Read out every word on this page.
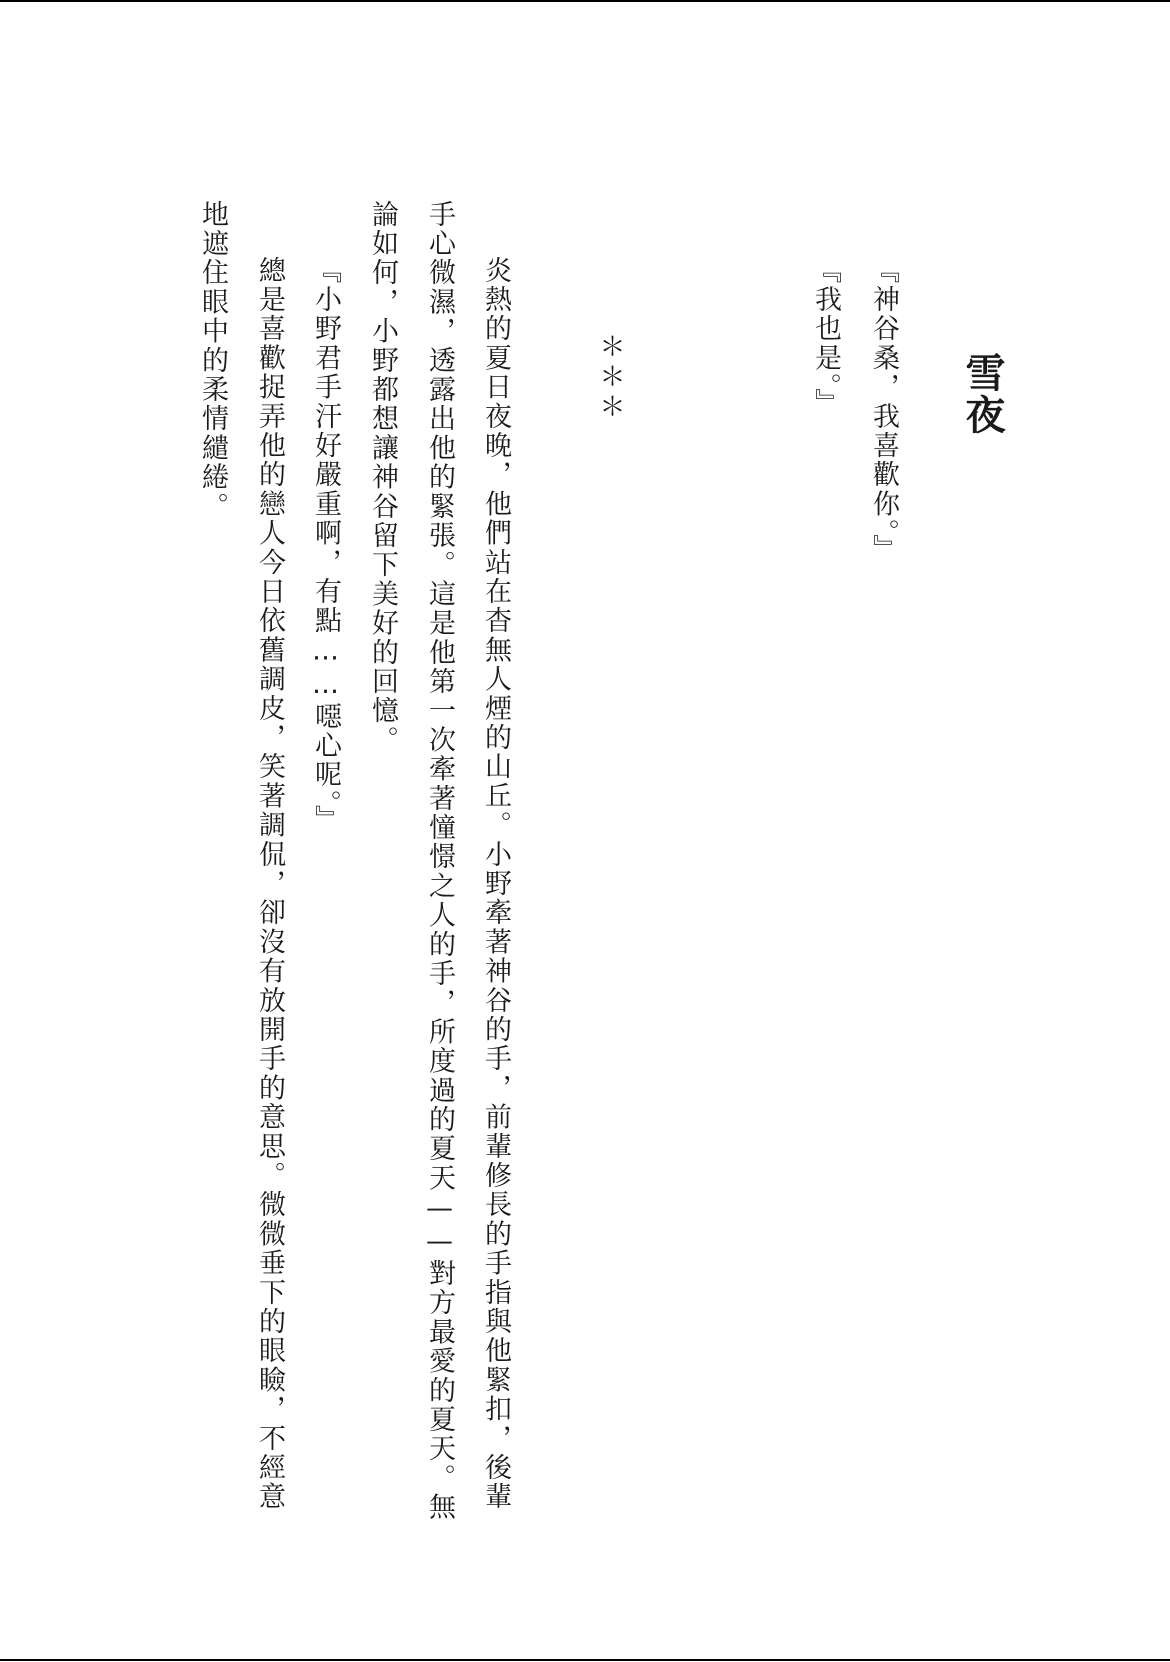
雪夜
『神谷桑，我喜歡你。』
『我也是。』
＊＊＊
炎熱的夏日夜晚，他們站在杳無人煙的山丘。小野牽著神谷的手，前輩修長的手指與他緊扣，後輩
手心微濕，透露出他的緊張。這是他第一次牽著憧憬之人的手，所度過的夏天——對方最愛的夏天。無
論如何，小野都想讓神谷留下美好的回憶。
『小野君手汗好嚴重啊，有點……噁心呢。』
總是喜歡捉弄他的戀人今日依舊調皮，笑著調侃，卻沒有放開手的意思。微微垂下的眼瞼，不經意
地遮住眼中的柔情繾綣。
